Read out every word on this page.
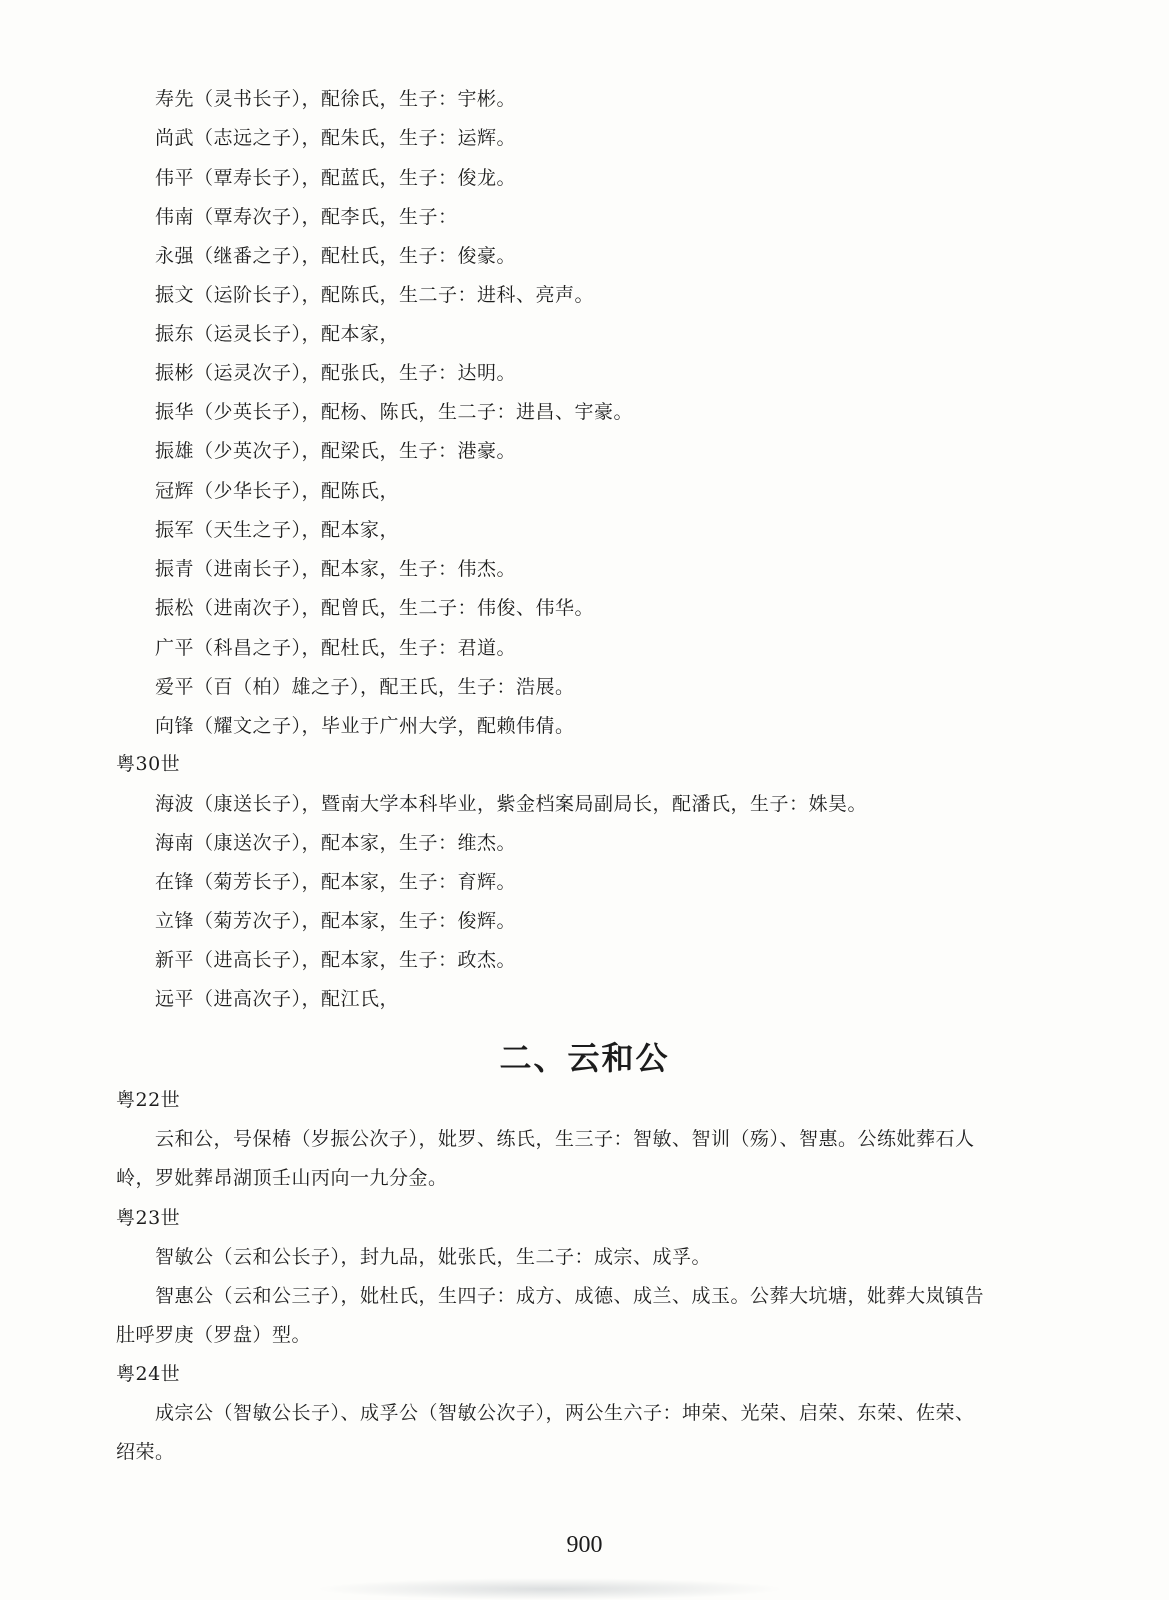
寿先（灵书长子），配徐氏，生子：宇彬。
尚武（志远之子），配朱氏，生子：运辉。
伟平（覃寿长子），配蓝氏，生子：俊龙。
伟南（覃寿次子），配李氏，生子：
永强（继番之子），配杜氏，生子：俊豪。
振文（运阶长子），配陈氏，生二子：进科、亮声。
振东（运灵长子），配本家，
振彬（运灵次子），配张氏，生子：达明。
振华（少英长子），配杨、陈氏，生二子：进昌、宇豪。
振雄（少英次子），配梁氏，生子：港豪。
冠辉（少华长子），配陈氏，
振军（天生之子），配本家，
振青（进南长子），配本家，生子：伟杰。
振松（进南次子），配曾氏，生二子：伟俊、伟华。
广平（科昌之子），配杜氏，生子：君道。
爱平（百（柏）雄之子），配王氏，生子：浩展。
向锋（耀文之子），毕业于广州大学，配赖伟倩。
粤30世
海波（康送长子），暨南大学本科毕业，紫金档案局副局长，配潘氏，生子：姝昊。
海南（康送次子），配本家，生子：维杰。
在锋（菊芳长子），配本家，生子：育辉。
立锋（菊芳次子），配本家，生子：俊辉。
新平（进高长子），配本家，生子：政杰。
远平（进高次子），配江氏，
二、云和公
粤22世
云和公，号保椿（岁振公次子），妣罗、练氏，生三子：智敏、智训（殇）、智惠。公练妣葬石人
岭，罗妣葬昂湖顶壬山丙向一九分金。
粤23世
智敏公（云和公长子），封九品，妣张氏，生二子：成宗、成孚。
智惠公（云和公三子），妣杜氏，生四子：成方、成德、成兰、成玉。公葬大坑塘，妣葬大岚镇告
肚呼罗庚（罗盘）型。
粤24世
成宗公（智敏公长子）、成孚公（智敏公次子），两公生六子：坤荣、光荣、启荣、东荣、佐荣、
绍荣。
900
